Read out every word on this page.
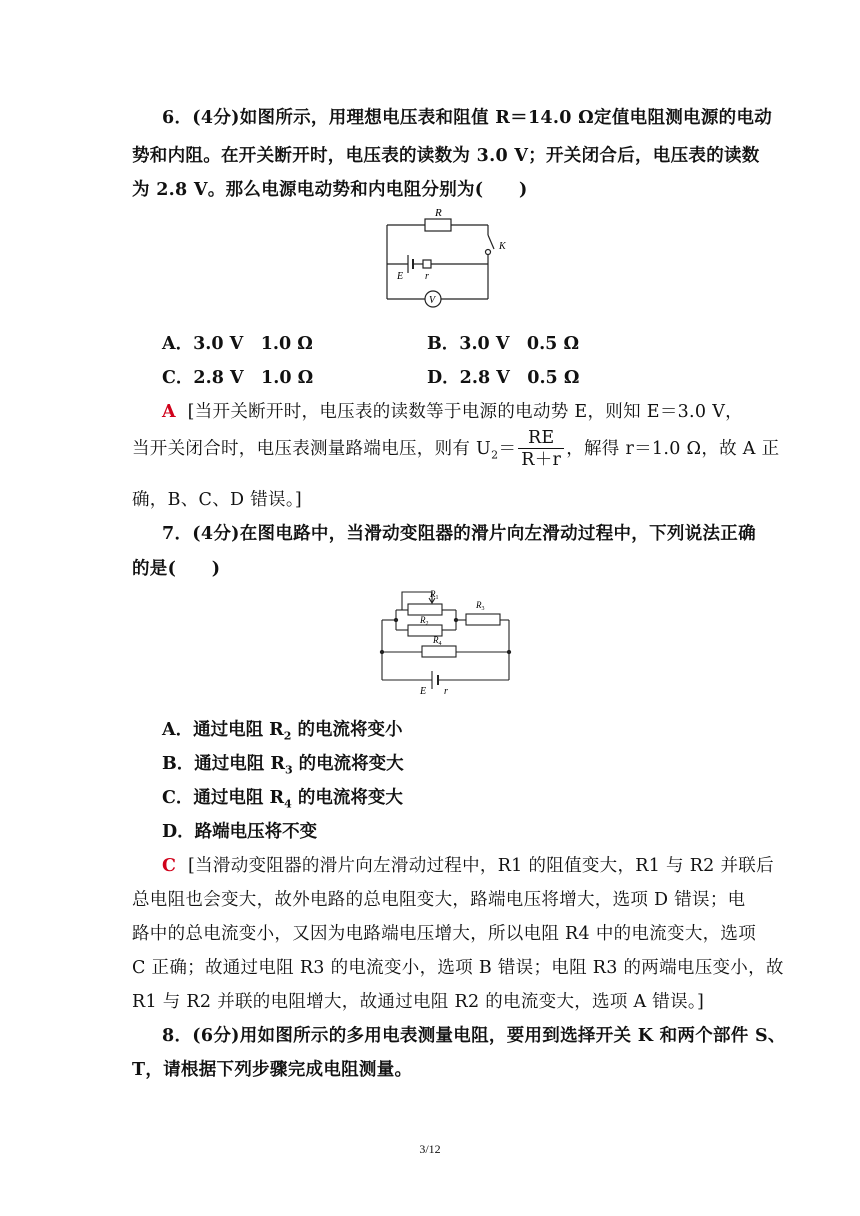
6．(4分)如图所示，用理想电压表和阻值 R＝14.0 Ω定值电阻测电源的电动
势和内阻。在开关断开时，电压表的读数为 3.0 V；开关闭合后，电压表的读数
为 2.8 V。那么电源电动势和内电阻分别为(　　)
R
K
E r
V
A．3.0 V　1.0 Ω	B．3.0 V　0.5 Ω
C．2.8 V　1.0 Ω	D．2.8 V　0.5 Ω
A [当开关断开时，电压表的读数等于电源的电动势 E，则知 E＝3.0 V，
当开关闭合时，电压表测量路端电压，则有 $U_2= \frac{RE}{R+r}$ ，解得 r＝1.0 Ω，故 A 正
确，B、C、D 错误。]
7．(4分)在图电路中，当滑动变阻器的滑片向左滑动过程中，下列说法正确
的是(　　)
$R_1$
$R_2$
$R_3$
$R_4$
E r
A．通过电阻 $R_2$ 的电流将变小
B．通过电阻 $R_3$ 的电流将变大
C．通过电阻 $R_4$ 的电流将变大
D．路端电压将不变
C [当滑动变阻器的滑片向左滑动过程中，R1 的阻值变大，R1 与 R2 并联后
总电阻也会变大，故外电路的总电阻变大，路端电压将增大，选项 D 错误；电
路中的总电流变小，又因为电路端电压增大，所以电阻 R4 中的电流变大，选项
C 正确；故通过电阻 R3 的电流变小，选项 B 错误；电阻 R3 的两端电压变小，故
R1 与 R2 并联的电阻增大，故通过电阻 R2 的电流变大，选项 A 错误。]
8．(6分)用如图所示的多用电表测量电阻，要用到选择开关 K 和两个部件 S、
T，请根据下列步骤完成电阻测量。
3/12
